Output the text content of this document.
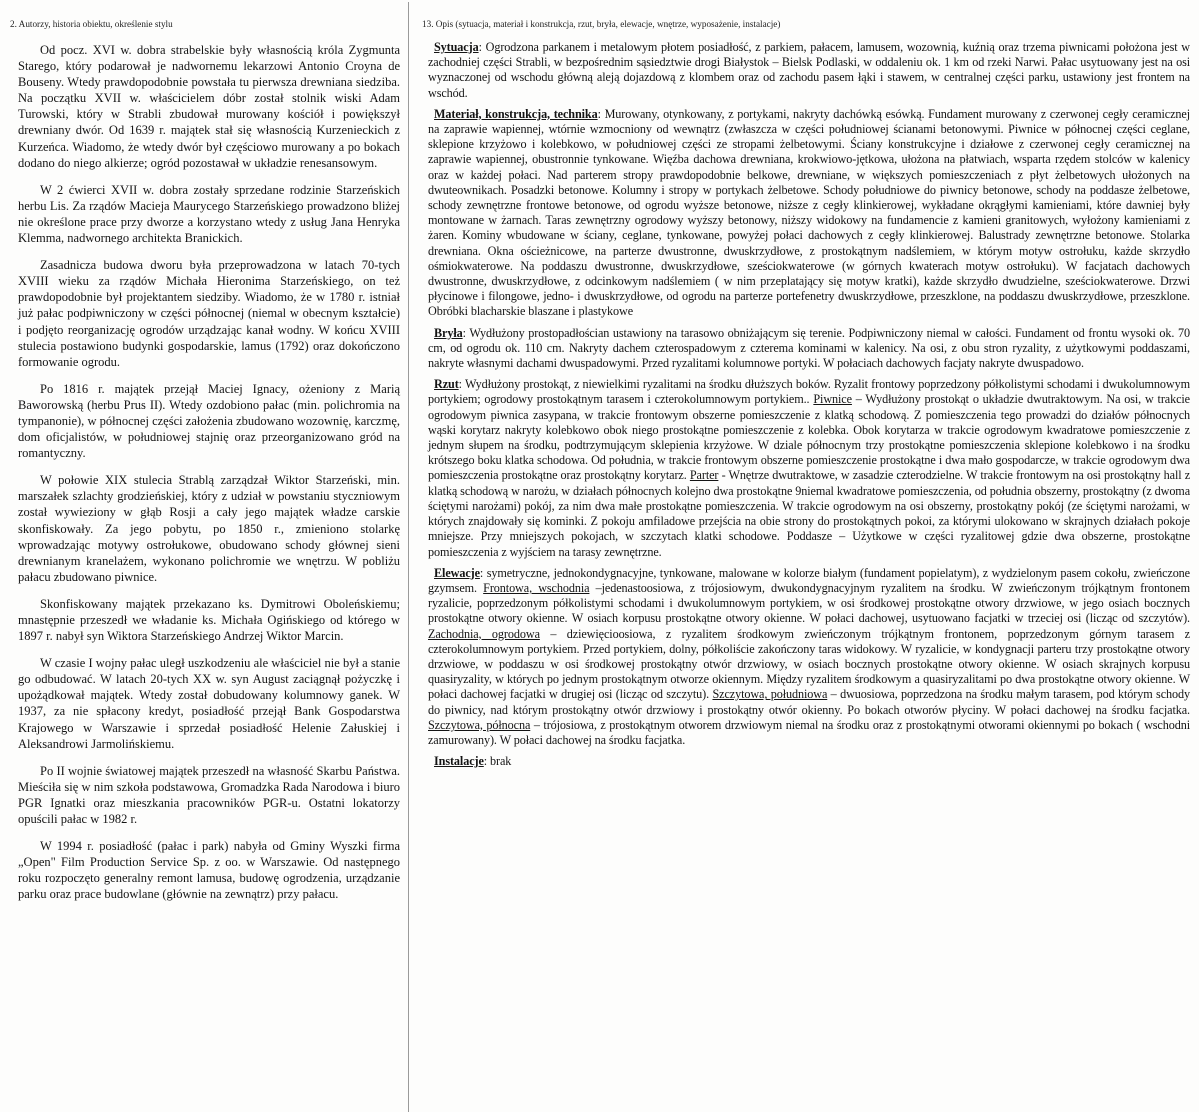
2. Autorzy, historia obiektu, określenie stylu

Od pocz. XVI w. dobra strabelskie były własnością króla Zygmunta Starego, który podarował je nadwornemu lekarzowi Antonio Croyna de Bouseny. Wtedy prawdopodobnie powstała tu pierwsza drewniana siedziba. Na początku XVII w. właścicielem dóbr został stolnik wiski Adam Turowski, który w Strabli zbudował murowany kościół i powiększył drewniany dwór. Od 1639 r. majątek stał się własnością Kurzenieckich z Kurzeńca. Wiadomo, że wtedy dwór był częściowo murowany a po bokach dodano do niego alkierze; ogród pozostawał w układzie renesansowym.

W 2 ćwierci XVII w. dobra zostały sprzedane rodzinie Starzeńskich herbu Lis. Za rządów Macieja Maurycego Starzeńskiego prowadzono bliżej nie określone prace przy dworze a korzystano wtedy z usług Jana Henryka Klemma, nadwornego architekta Branickich.

Zasadnicza budowa dworu była przeprowadzona w latach 70-tych XVIII wieku za rządów Michała Hieronima Starzeńskiego, on też prawdopodobnie był projektantem siedziby. Wiadomo, że w 1780 r. istniał już pałac podpiwniczony w części północnej (niemal w obecnym kształcie) i podjęto reorganizację ogrodów urządzając kanał wodny. W końcu XVIII stulecia postawiono budynki gospodarskie, lamus (1792) oraz dokończono formowanie ogrodu.

Po 1816 r. majątek przejął Maciej Ignacy, ożeniony z Marią Baworowską (herbu Prus II). Wtedy ozdobiono pałac (min. polichromia na tympanonie), w północnej części założenia zbudowano wozownię, karczmę, dom oficjalistów, w południowej stajnię oraz przeorganizowano gród na romantyczny.

W połowie XIX stulecia Strablą zarządzał Wiktor Starzeński, min. marszałek szlachty grodzieńskiej, który z udział w powstaniu styczniowym został wywieziony w głąb Rosji a cały jego majątek władze carskie skonfiskowały. Za jego pobytu, po 1850 r., zmieniono stolarkę wprowadzając motywy ostrołukowe, obudowano schody głównej sieni drewnianym kranelażem, wykonano polichromie we wnętrzu. W pobliżu pałacu zbudowano piwnice.

Skonfiskowany majątek przekazano ks. Dymitrowi Oboleńskiemu; mnastępnie przeszedł we władanie ks. Michała Ogińskiego od którego w 1897 r. nabył syn Wiktora Starzeńskiego Andrzej Wiktor Marcin.

W czasie I wojny pałac uległ uszkodzeniu ale właściciel nie był a stanie go odbudować. W latach 20-tych XX w. syn August zaciągnął pożyczkę i upożądkował majątek. Wtedy został dobudowany kolumnowy ganek. W 1937, za nie spłacony kredyt, posiadłość przejął Bank Gospodarstwa Krajowego w Warszawie i sprzedał posiadłość Helenie Załuskiej i Aleksandrowi Jarmolińskiemu.

Po II wojnie światowej majątek przeszedł na własność Skarbu Państwa. Mieściła się w nim szkoła podstawowa, Gromadzka Rada Narodowa i biuro PGR Ignatki oraz mieszkania pracowników PGR-u. Ostatni lokatorzy opuścili pałac w 1982 r.

W 1994 r. posiadłość (pałac i park) nabyła od Gminy Wyszki firma „Open" Film Production Service Sp. z oo. w Warszawie. Od następnego roku rozpoczęto generalny remont lamusa, budowę ogrodzenia, urządzanie parku oraz prace budowlane (głównie na zewnątrz) przy pałacu.

13. Opis (sytuacja, materiał i konstrukcja, rzut, bryła, elewacje, wnętrze, wyposażenie, instalacje)

Sytuacja: Ogrodzona parkanem i metalowym płotem posiadłość, z parkiem, pałacem, lamusem, wozownią, kuźnią oraz trzema piwnicami położona jest w zachodniej części Strabli, w bezpośrednim sąsiedztwie drogi Białystok – Bielsk Podlaski, w oddaleniu ok. 1 km od rzeki Narwi. Pałac usytuowany jest na osi wyznaczonej od wschodu główną aleją dojazdową z klombem oraz od zachodu pasem łąki i stawem, w centralnej części parku, ustawiony jest frontem na wschód.

Materiał, konstrukcja, technika: Murowany, otynkowany, z portykami, nakryty dachówką esówką. Fundament murowany z czerwonej cegły ceramicznej na zaprawie wapiennej, wtórnie wzmocniony od wewnątrz (zwłaszcza w części południowej ścianami betonowymi. Piwnice w północnej części ceglane, sklepione krzyżowo i kolebkowo, w południowej części ze stropami żelbetowymi. Ściany konstrukcyjne i działowe z czerwonej cegły ceramicznej na zaprawie wapiennej, obustronnie tynkowane. Więźba dachowa drewniana, krokwiowo-jętkowa, ułożona na płatwiach, wsparta rzędem stolców w kalenicy oraz w każdej połaci. Nad parterem stropy prawdopodobnie belkowe, drewniane, w większych pomieszczeniach z płyt żelbetowych ułożonych na dwuteownikach. Posadzki betonowe. Kolumny i stropy w portykach żelbetowe. Schody południowe do piwnicy betonowe, schody na poddasze żelbetowe, schody zewnętrzne frontowe betonowe, od ogrodu wyższe betonowe, niższe z cegły klinkierowej, wykładane okrągłymi kamieniami, które dawniej były montowane w żarnach. Taras zewnętrzny ogrodowy wyższy betonowy, niższy widokowy na fundamencie z kamieni granitowych, wyłożony kamieniami z żaren. Kominy wbudowane w ściany, ceglane, tynkowane, powyżej połaci dachowych z cegły klinkierowej. Balustrady zewnętrzne betonowe. Stolarka drewniana. Okna ościeżnicowe, na parterze dwustronne, dwuskrzydłowe, z prostokątnym nadślemiem, w którym motyw ostrołuku, każde skrzydło ośmiokwaterowe. Na poddaszu dwustronne, dwuskrzydłowe, sześciokwaterowe (w górnych kwaterach motyw ostrołuku). W facjatach dachowych dwustronne, dwuskrzydłowe, z odcinkowym nadślemiem ( w nim przeplatający się motyw kratki), każde skrzydło dwudzielne, sześciokwaterowe. Drzwi płycinowe i filongowe, jedno- i dwuskrzydłowe, od ogrodu na parterze portefenetry dwuskrzydłowe, przeszklone, na poddaszu dwuskrzydłowe, przeszklone. Obróbki blacharskie blaszane i plastykowe

Bryła: Wydłużony prostopadłościan ustawiony na tarasowo obniżającym się terenie. Podpiwniczony niemal w całości. Fundament od frontu wysoki ok. 70 cm, od ogrodu ok. 110 cm. Nakryty dachem czterospadowym z czterema kominami w kalenicy. Na osi, z obu stron ryzality, z użytkowymi poddaszami, nakryte własnymi dachami dwuspadowymi. Przed ryzalitami kolumnowe portyki. W połaciach dachowych facjaty nakryte dwuspadowo.

Rzut: Wydłużony prostokąt, z niewielkimi ryzalitami na środku dłuższych boków. Ryzalit frontowy poprzedzony półkolistymi schodami i dwukolumnowym portykiem; ogrodowy prostokątnym tarasem i czterokolumnowym portykiem.. Piwnice – Wydłużony prostokąt o układzie dwutraktowym. Na osi, w trakcie ogrodowym piwnica zasypana, w trakcie frontowym obszerne pomieszczenie z klatką schodową. Z pomieszczenia tego prowadzi do działów północnych wąski korytarz nakryty kolebkowo obok niego prostokątne pomieszczenie z kolebka. Obok korytarza w trakcie ogrodowym kwadratowe pomieszczenie z jednym słupem na środku, podtrzymującym sklepienia krzyżowe. W dziale północnym trzy prostokątne pomieszczenia sklepione kolebkowo i na środku krótszego boku klatka schodowa. Od południa, w trakcie frontowym obszerne pomieszczenie prostokątne i dwa mało gospodarcze, w trakcie ogrodowym dwa pomieszczenia prostokątne oraz prostokątny korytarz. Parter - Wnętrze dwutraktowe, w zasadzie czterodzielne. W trakcie frontowym na osi prostokątny hall z klatką schodową w narożu, w działach północnych kolejno dwa prostokątne 9niemal kwadratowe pomieszczenia, od południa obszerny, prostokątny (z dwoma ściętymi narożami) pokój, za nim dwa małe prostokątne pomieszczenia. W trakcie ogrodowym na osi obszerny, prostokątny pokój (ze ściętymi narożami, w których znajdowały się kominki. Z pokoju amfiladowe przejścia na obie strony do prostokątnych pokoi, za którymi ulokowano w skrajnych działach pokoje mniejsze. Przy mniejszych pokojach, w szczytach klatki schodowe. Poddasze – Użytkowe w części ryzalitowej gdzie dwa obszerne, prostokątne pomieszczenia z wyjściem na tarasy zewnętrzne.

Elewacje: symetryczne, jednokondygnacyjne, tynkowane, malowane w kolorze białym (fundament popielatym), z wydzielonym pasem cokołu, zwieńczone gzymsem. Frontowa, wschodnia –jedenastoosiowa, z trójosiowym, dwukondygnacyjnym ryzalitem na środku. W zwieńczonym trójkątnym frontonem ryzalicie, poprzedzonym półkolistymi schodami i dwukolumnowym portykiem, w osi środkowej prostokątne otwory drzwiowe, w jego osiach bocznych prostokątne otwory okienne. W osiach korpusu prostokątne otwory okienne. W połaci dachowej, usytuowano facjatki w trzeciej osi (licząc od szczytów). Zachodnia, ogrodowa – dziewięcioosiowa, z ryzalitem środkowym zwieńczonym trójkątnym frontonem, poprzedzonym górnym tarasem z czterokolumnowym portykiem. Przed portykiem, dolny, półkoliście zakończony taras widokowy. W ryzalicie, w kondygnacji parteru trzy prostokątne otwory drzwiowe, w poddaszu w osi środkowej prostokątny otwór drzwiowy, w osiach bocznych prostokątne otwory okienne. W osiach skrajnych korpusu quasiryzality, w których po jednym prostokątnym otworze okiennym. Między ryzalitem środkowym a quasiryzalitami po dwa prostokątne otwory okienne. W połaci dachowej facjatki w drugiej osi (licząc od szczytu). Szczytowa, południowa – dwuosiowa, poprzedzona na środku małym tarasem, pod którym schody do piwnicy, nad którym prostokątny otwór drzwiowy i prostokątny otwór okienny. Po bokach otworów płyciny. W połaci dachowej na środku facjatka. Szczytowa, północna – trójosiowa, z prostokątnym otworem drzwiowym niemal na środku oraz z prostokątnymi otworami okiennymi po bokach ( wschodni zamurowany). W połaci dachowej na środku facjatka.

Instalacje: brak
